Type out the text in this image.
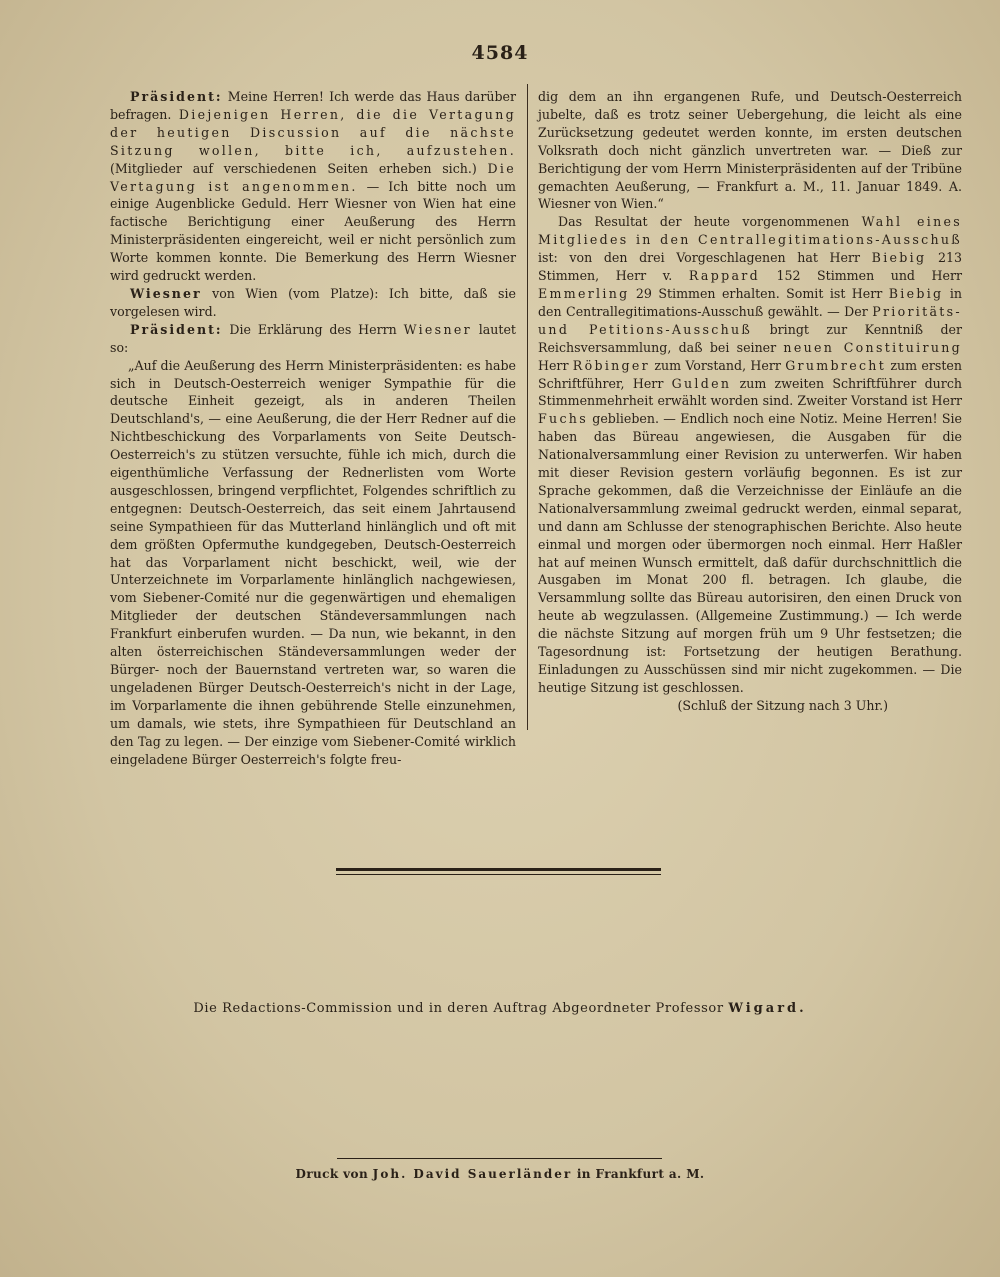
4584

Präsident: Meine Herren! Ich werde das Haus darüber befragen. Diejenigen Herren, die die Vertagung der heutigen Discussion auf die nächste Sitzung wollen, bitte ich, aufzustehen. (Mitglieder auf verschiedenen Seiten erheben sich.) Die Vertagung ist angenommen. — Ich bitte noch um einige Augenblicke Geduld. Herr Wiesner von Wien hat eine factische Berichtigung einer Aeußerung des Herrn Ministerpräsidenten eingereicht, weil er nicht persönlich zum Worte kommen konnte. Die Bemerkung des Herrn Wiesner wird gedruckt werden.

Wiesner von Wien (vom Platze): Ich bitte, daß sie vorgelesen wird.

Präsident: Die Erklärung des Herrn Wiesner lautet so:

„Auf die Aeußerung des Herrn Ministerpräsidenten: es habe sich in Deutsch-Oesterreich weniger Sympathie für die deutsche Einheit gezeigt, als in anderen Theilen Deutschland's, — eine Aeußerung, die der Herr Redner auf die Nichtbeschickung des Vorparlaments von Seite Deutsch-Oesterreich's zu stützen versuchte, fühle ich mich, durch die eigenthümliche Verfassung der Rednerlisten vom Worte ausgeschlossen, bringend verpflichtet, Folgendes schriftlich zu entgegnen: Deutsch-Oesterreich, das seit einem Jahrtausend seine Sympathieen für das Mutterland hinlänglich und oft mit dem größten Opfermuthe kundgegeben, Deutsch-Oesterreich hat das Vorparlament nicht beschickt, weil, wie der Unterzeichnete im Vorparlamente hinlänglich nachgewiesen, vom Siebener-Comité nur die gegenwärtigen und ehemaligen Mitglieder der deutschen Ständeversammlungen nach Frankfurt einberufen wurden. — Da nun, wie bekannt, in den alten österreichischen Ständeversammlungen weder der Bürger- noch der Bauernstand vertreten war, so waren die ungeladenen Bürger Deutsch-Oesterreich's nicht in der Lage, im Vorparlamente die ihnen gebührende Stelle einzunehmen, um damals, wie stets, ihre Sympathieen für Deutschland an den Tag zu legen. — Der einzige vom Siebener-Comité wirklich eingeladene Bürger Oesterreich's folgte freu-

dig dem an ihn ergangenen Rufe, und Deutsch-Oesterreich jubelte, daß es trotz seiner Uebergehung, die leicht als eine Zurücksetzung gedeutet werden konnte, im ersten deutschen Volksrath doch nicht gänzlich unvertreten war. — Dieß zur Berichtigung der vom Herrn Ministerpräsidenten auf der Tribüne gemachten Aeußerung, — Frankfurt a. M., 11. Januar 1849. A. Wiesner von Wien.“

Das Resultat der heute vorgenommenen Wahl eines Mitgliedes in den Centrallegitimations-Ausschuß ist: von den drei Vorgeschlagenen hat Herr Biebig 213 Stimmen, Herr v. Rappard 152 Stimmen und Herr Emmerling 29 Stimmen erhalten. Somit ist Herr Biebig in den Centrallegitimations-Ausschuß gewählt. — Der Prioritäts- und Petitions-Ausschuß bringt zur Kenntniß der Reichsversammlung, daß bei seiner neuen Constituirung Herr Röbinger zum Vorstand, Herr Grumbrecht zum ersten Schriftführer, Herr Gulden zum zweiten Schriftführer durch Stimmenmehrheit erwählt worden sind. Zweiter Vorstand ist Herr Fuchs geblieben. — Endlich noch eine Notiz. Meine Herren! Sie haben das Büreau angewiesen, die Ausgaben für die Nationalversammlung einer Revision zu unterwerfen. Wir haben mit dieser Revision gestern vorläufig begonnen. Es ist zur Sprache gekommen, daß die Verzeichnisse der Einläufe an die Nationalversammlung zweimal gedruckt werden, einmal separat, und dann am Schlusse der stenographischen Berichte. Also heute einmal und morgen oder übermorgen noch einmal. Herr Haßler hat auf meinen Wunsch ermittelt, daß dafür durchschnittlich die Ausgaben im Monat 200 fl. betragen. Ich glaube, die Versammlung sollte das Büreau autorisiren, den einen Druck von heute ab wegzulassen. (Allgemeine Zustimmung.) — Ich werde die nächste Sitzung auf morgen früh um 9 Uhr festsetzen; die Tagesordnung ist: Fortsetzung der heutigen Berathung. Einladungen zu Ausschüssen sind mir nicht zugekommen. — Die heutige Sitzung ist geschlossen.

(Schluß der Sitzung nach 3 Uhr.)

Die Redactions-Commission und in deren Auftrag Abgeordneter Professor Wigard.
Druck von Joh. David Sauerländer in Frankfurt a. M.
